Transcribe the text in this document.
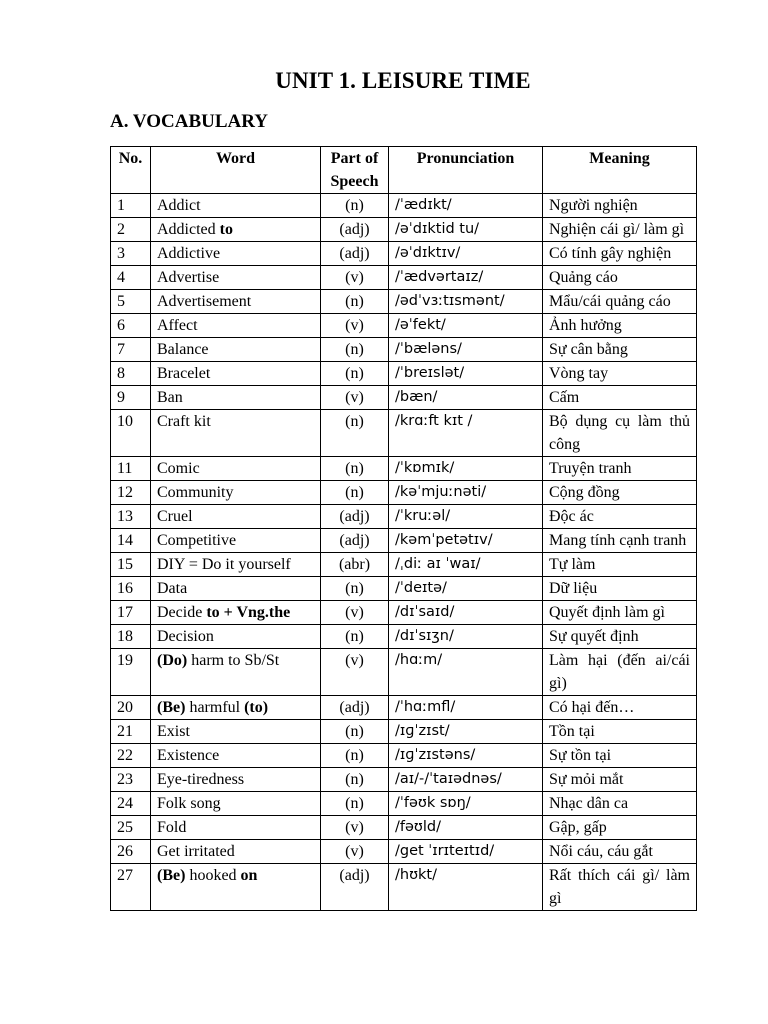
UNIT 1. LEISURE TIME
A. VOCABULARY
No.	Word	Part of Speech	Pronunciation	Meaning
1	Addict	(n)	/ˈædɪkt/	Người nghiện
2	Addicted to	(adj)	/əˈdɪktid tu/	Nghiện cái gì/ làm gì
3	Addictive	(adj)	/əˈdɪktɪv/	Có tính gây nghiện
4	Advertise	(v)	/ˈædvərtaɪz/	Quảng cáo
5	Advertisement	(n)	/ədˈvɜːtɪsmənt/	Mẩu/cái quảng cáo
6	Affect	(v)	/əˈfekt/	Ảnh hưởng
7	Balance	(n)	/ˈbæləns/	Sự cân bằng
8	Bracelet	(n)	/ˈbreɪslət/	Vòng tay
9	Ban	(v)	/bæn/	Cấm
10	Craft kit	(n)	/krɑːft kɪt /	Bộ dụng cụ làm thủ công
11	Comic	(n)	/ˈkɒmɪk/	Truyện tranh
12	Community	(n)	/kəˈmjuːnəti/	Cộng đồng
13	Cruel	(adj)	/ˈkruːəl/	Độc ác
14	Competitive	(adj)	/kəmˈpetətɪv/	Mang tính cạnh tranh
15	DIY = Do it yourself	(abr)	/ˌdiː aɪ ˈwaɪ/	Tự làm
16	Data	(n)	/ˈdeɪtə/	Dữ liệu
17	Decide to + Vng.the	(v)	/dɪˈsaɪd/	Quyết định làm gì
18	Decision	(n)	/dɪˈsɪʒn/	Sự quyết định
19	(Do) harm to Sb/St	(v)	/hɑːm/	Làm hại (đến ai/cái gì)
20	(Be) harmful (to)	(adj)	/ˈhɑːmfl/	Có hại đến…
21	Exist	(n)	/ɪɡˈzɪst/	Tồn tại
22	Existence	(n)	/ɪɡˈzɪstəns/	Sự tồn tại
23	Eye-tiredness	(n)	/aɪ/-/ˈtaɪədnəs/	Sự mỏi mắt
24	Folk song	(n)	/ˈfəʊk sɒŋ/	Nhạc dân ca
25	Fold	(v)	/fəʊld/	Gập, gấp
26	Get irritated	(v)	/get ˈɪrɪteɪtɪd/	Nổi cáu, cáu gắt
27	(Be) hooked on	(adj)	/hʊkt/	Rất thích cái gì/ làm gì
